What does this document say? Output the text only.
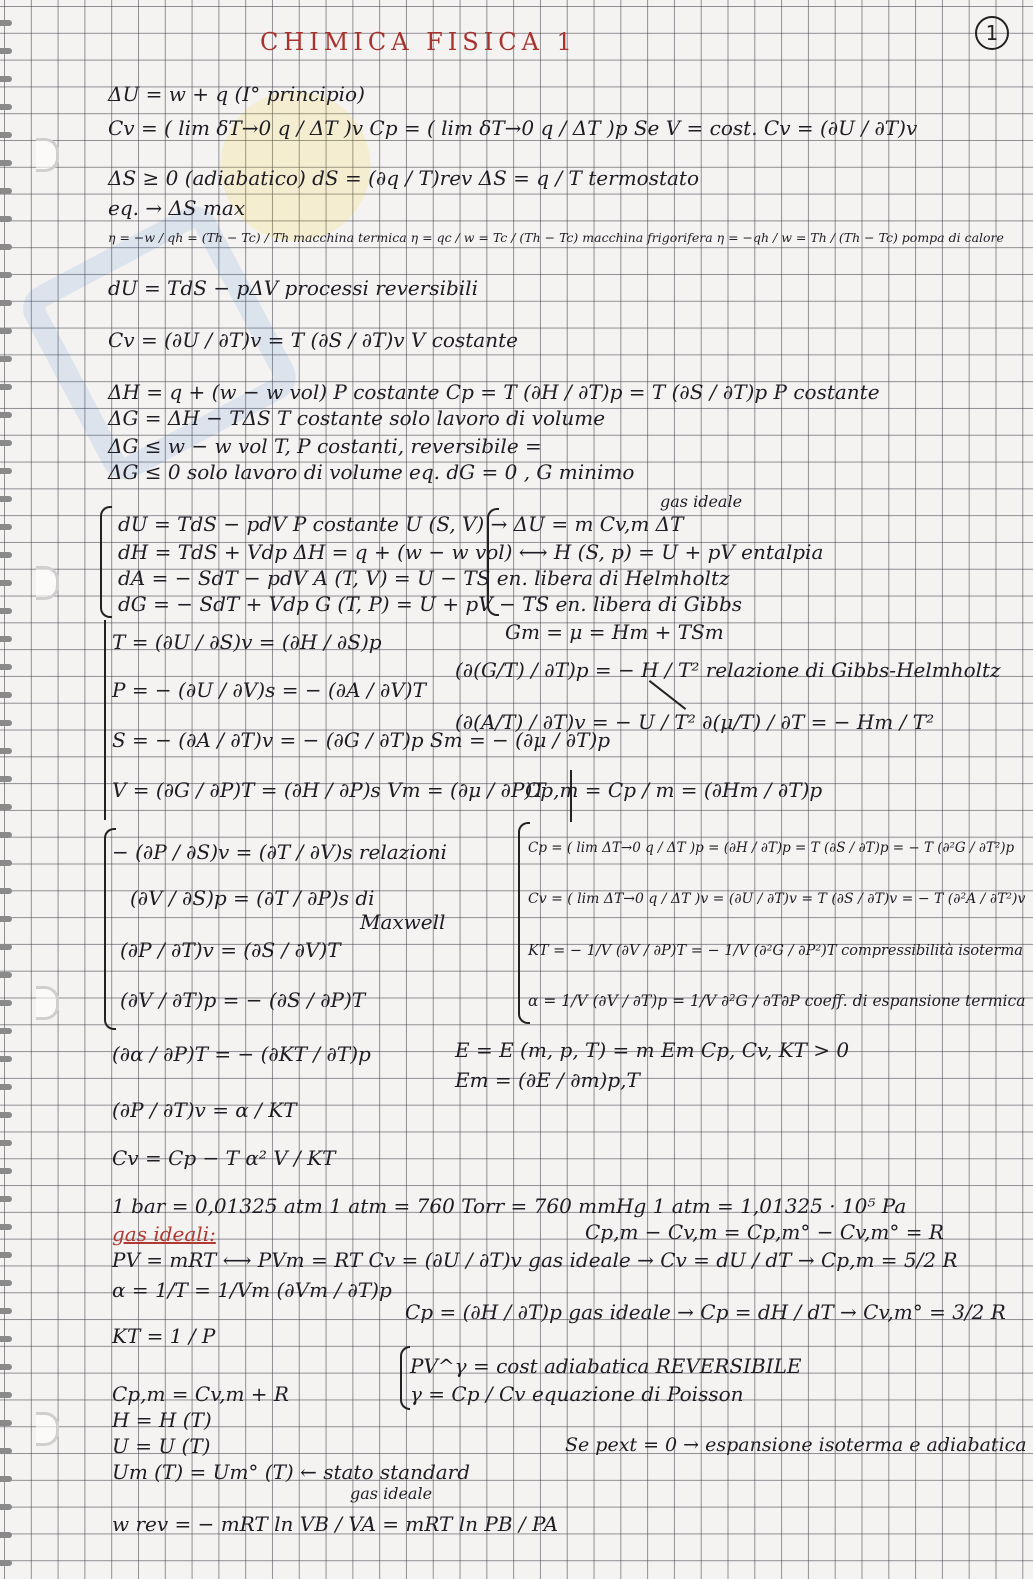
CHIMICA FISICA 1	1
ΔU = w + q (I° principio)
Cv = ( lim δT→0 q / ΔT )v Cp = ( lim δT→0 q / ΔT )p Se V = cost. Cv = (∂U / ∂T)v
ΔS ≥ 0 (adiabatico) dS = (∂q / T)rev ΔS = q / T termostato
eq. → ΔS max
η = −w / qh = (Th − Tc) / Th macchina termica η = qc / w = Tc / (Th − Tc) macchina frigorifera η = −qh / w = Th / (Th − Tc) pompa di calore
dU = TdS − pΔV processi reversibili
Cv = (∂U / ∂T)v = T (∂S / ∂T)v V costante
ΔH = q + (w − w vol) P costante Cp = T (∂H / ∂T)p = T (∂S / ∂T)p P costante
ΔG = ΔH − TΔS T costante solo lavoro di volume
ΔG ≤ w − w vol T, P costanti, reversibile =
ΔG ≤ 0 solo lavoro di volume eq. dG = 0 , G minimo
gas ideale
dU = TdS − pdV P costante U (S, V) → ΔU = m Cv,m ΔT
dH = TdS + Vdp ΔH = q + (w − w vol) ⟷ H (S, p) = U + pV entalpia
dA = − SdT − pdV A (T, V) = U − TS en. libera di Helmholtz
dG = − SdT + Vdp G (T, P) = U + pV − TS en. libera di Gibbs
Gm = μ = Hm + TSm
T = (∂U / ∂S)v = (∂H / ∂S)p
(∂(G/T) / ∂T)p = − H / T² relazione di Gibbs-Helmholtz
P = − (∂U / ∂V)s = − (∂A / ∂V)T
(∂(A/T) / ∂T)v = − U / T² ∂(μ/T) / ∂T = − Hm / T²
S = − (∂A / ∂T)v = − (∂G / ∂T)p Sm = − (∂μ / ∂T)p
V = (∂G / ∂P)T = (∂H / ∂P)s Vm = (∂μ / ∂P)T
Cp,m = Cp / m = (∂Hm / ∂T)p
− (∂P / ∂S)v = (∂T / ∂V)s relazioni	Cp = ( lim ΔT→0 q / ΔT )p = (∂H / ∂T)p = T (∂S / ∂T)p = − T (∂²G / ∂T²)p
(∂V / ∂S)p = (∂T / ∂P)s di
Maxwell
Cv = ( lim ΔT→0 q / ΔT )v = (∂U / ∂T)v = T (∂S / ∂T)v = − T (∂²A / ∂T²)v
(∂P / ∂T)v = (∂S / ∂V)T	KT = − 1/V (∂V / ∂P)T = − 1/V (∂²G / ∂P²)T compressibilità isoterma
(∂V / ∂T)p = − (∂S / ∂P)T	α = 1/V (∂V / ∂T)p = 1/V ∂²G / ∂T∂P coeff. di espansione termica
(∂α / ∂P)T = − (∂KT / ∂T)p	E = E (m, p, T) = m Em Cp, Cv, KT > 0
Em = (∂E / ∂m)p,T
(∂P / ∂T)v = α / KT
Cv = Cp − T α² V / KT
1 bar = 0,01325 atm 1 atm = 760 Torr = 760 mmHg 1 atm = 1,01325 · 10⁵ Pa
Cp,m − Cv,m = Cp,m° − Cv,m° = R
PV = mRT ⟷ PVm = RT Cv = (∂U / ∂T)v gas ideale → Cv = dU / dT → Cp,m = 5/2 R
α = 1/T = 1/Vm (∂Vm / ∂T)p
Cp = (∂H / ∂T)p gas ideale → Cp = dH / dT → Cv,m° = 3/2 R
KT = 1 / P
PV^γ = cost adiabatica REVERSIBILE
γ = Cp / Cv equazione di Poisson
Cp,m = Cv,m + R
H = H (T)
U = U (T)	Se pext = 0 → espansione isoterma e adiabatica
Um (T) = Um° (T) ← stato standard
gas ideale
w rev = − mRT ln VB / VA = mRT ln PB / PA
gas ideali:
